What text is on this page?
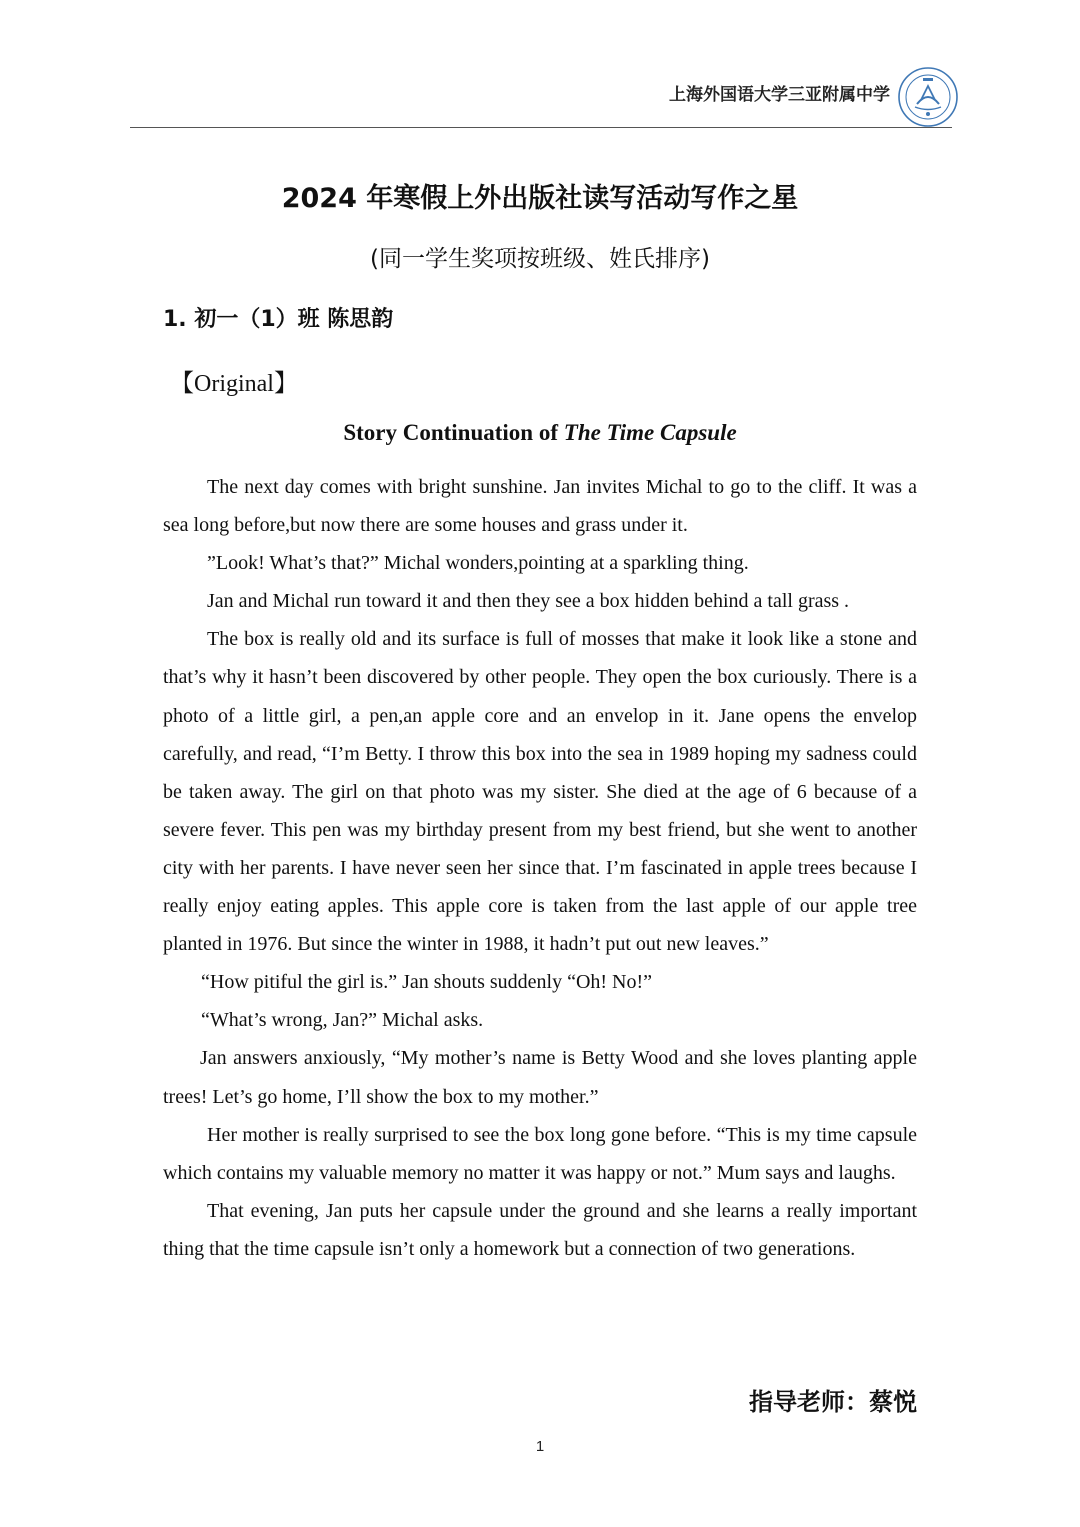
上海外国语大学三亚附属中学
2024 年寒假上外出版社读写活动写作之星
(同一学生奖项按班级、姓氏排序)
1. 初一（1）班 陈思韵
【Original】
Story Continuation of The Time Capsule

The next day comes with bright sunshine. Jan invites Michal to go to the cliff. It was a sea long before,but now there are some houses and grass under it.

”Look! What’s that?” Michal wonders,pointing at a sparkling thing.

Jan and Michal run toward it and then they see a box hidden behind a tall grass .

The box is really old and its surface is full of mosses that make it look like a stone and that’s why it hasn’t been discovered by other people. They open the box curiously. There is a photo of a little girl, a pen,an apple core and an envelop in it. Jane opens the envelop carefully, and read, “I’m Betty. I throw this box into the sea in 1989 hoping my sadness could be taken away. The girl on that photo was my sister. She died at the age of 6 because of a severe fever. This pen was my birthday present from my best friend, but she went to another city with her parents. I have never seen her since that. I’m fascinated in apple trees because I really enjoy eating apples. This apple core is taken from the last apple of our apple tree planted in 1976. But since the winter in 1988, it hadn’t put out new leaves.”

“How pitiful the girl is.” Jan shouts suddenly “Oh! No!”

“What’s wrong, Jan?” Michal asks.

Jan answers anxiously, “My mother’s name is Betty Wood and she loves planting apple trees! Let’s go home, I’ll show the box to my mother.”

Her mother is really surprised to see the box long gone before. “This is my time capsule which contains my valuable memory no matter it was happy or not.” Mum says and laughs.

That evening, Jan puts her capsule under the ground and she learns a really important thing that the time capsule isn’t only a homework but a connection of two generations.

指导老师：蔡悦
1
